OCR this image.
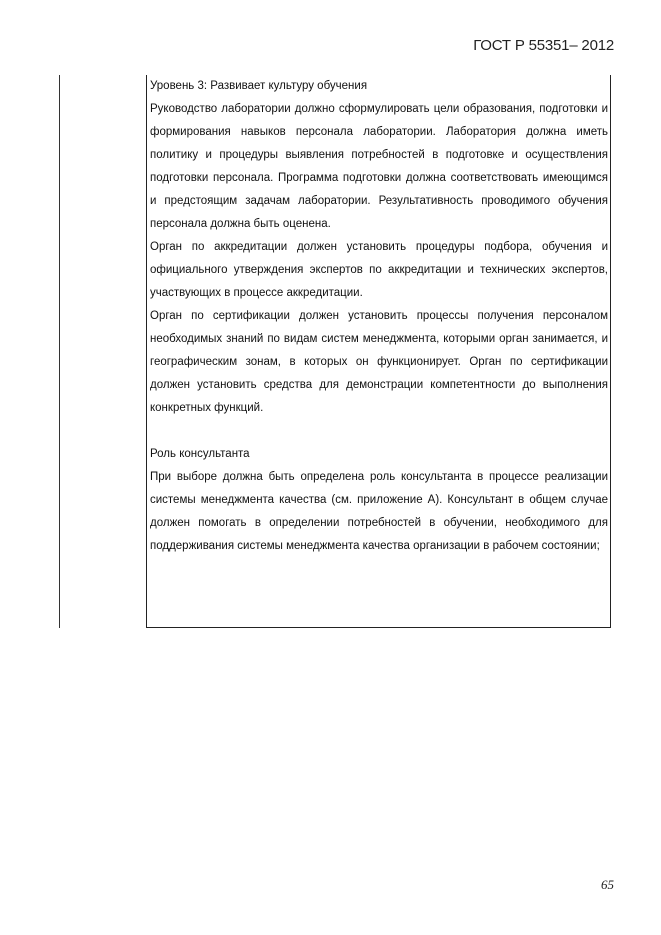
ГОСТ Р 55351– 2012

Уровень 3: Развивает культуру обучения

Руководство лаборатории должно сформулировать цели образования, подготовки и формирования навыков персонала лаборатории. Лаборатория должна иметь политику и процедуры выявления потребностей в подготовке и осуществления подготовки персонала. Программа подготовки должна соответствовать имеющимся и предстоящим задачам лаборатории. Результативность проводимого обучения персонала должна быть оценена.

Орган по аккредитации должен установить процедуры подбора, обучения и официального утверждения экспертов по аккредитации и технических экспертов, участвующих в процессе аккредитации.

Орган по сертификации должен установить процессы получения персоналом необходимых знаний по видам систем менеджмента, которыми орган занимается, и географическим зонам, в которых он функционирует. Орган по сертификации должен установить средства для демонстрации компетентности до выполнения конкретных функций.

Роль консультанта

При выборе должна быть определена роль консультанта в процессе реализации системы менеджмента качества (см. приложение А). Консультант в общем случае должен помогать в определении потребностей в обучении, необходимого для поддерживания системы менеджмента качества организации в рабочем состоянии;

65
